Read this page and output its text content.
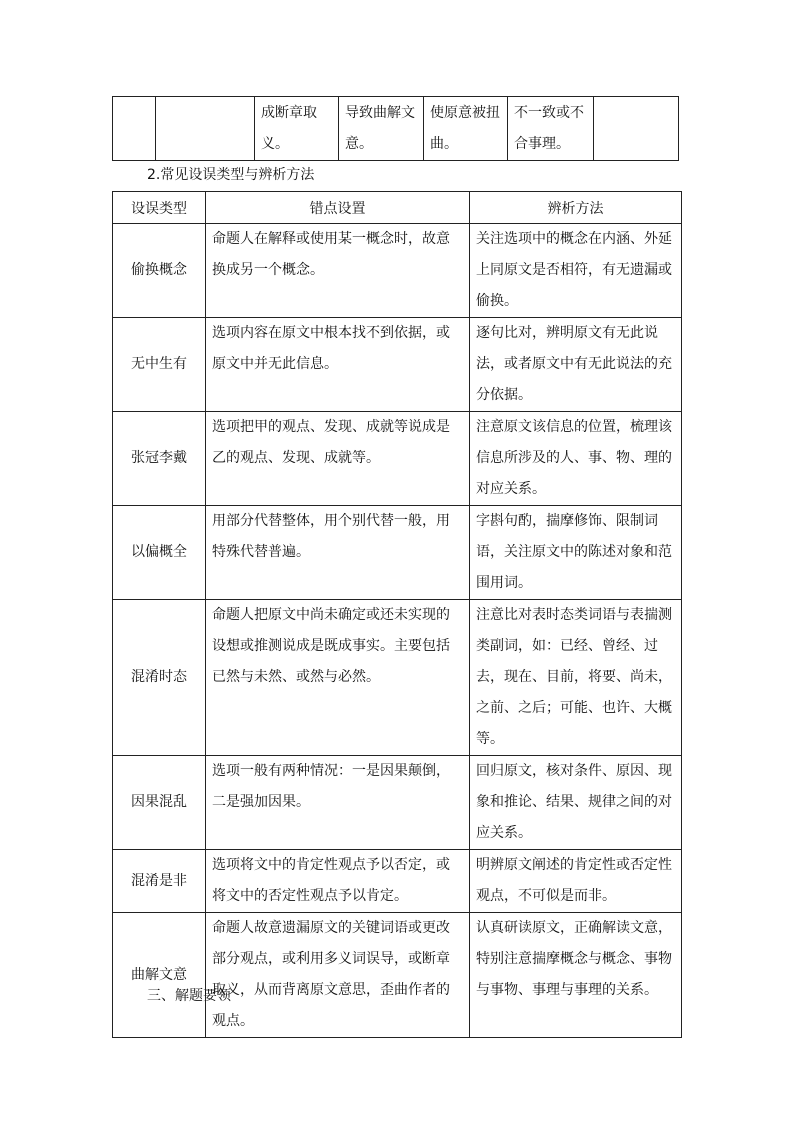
		成断章取义。	导致曲解文意。	使原意被扭曲。	不一致或不合事理。	

2.常见设误类型与辨析方法

设误类型	错点设置	辨析方法
偷换概念	命题人在解释或使用某一概念时，故意换成另一个概念。	关注选项中的概念在内涵、外延上同原文是否相符，有无遗漏或偷换。
无中生有	选项内容在原文中根本找不到依据，或原文中并无此信息。	逐句比对，辨明原文有无此说法，或者原文中有无此说法的充分依据。
张冠李戴	选项把甲的观点、发现、成就等说成是乙的观点、发现、成就等。	注意原文该信息的位置，梳理该信息所涉及的人、事、物、理的对应关系。
以偏概全	用部分代替整体，用个别代替一般，用特殊代替普遍。	字斟句酌，揣摩修饰、限制词语，关注原文中的陈述对象和范围用词。
混淆时态	命题人把原文中尚未确定或还未实现的设想或推测说成是既成事实。主要包括已然与未然、或然与必然。	注意比对表时态类词语与表揣测类副词，如：已经、曾经、过去，现在、目前，将要、尚未，之前、之后；可能、也许、大概等。
因果混乱	选项一般有两种情况：一是因果颠倒，二是强加因果。	回归原文，核对条件、原因、现象和推论、结果、规律之间的对应关系。
混淆是非	选项将文中的肯定性观点予以否定，或将文中的否定性观点予以肯定。	明辨原文阐述的肯定性或否定性观点，不可似是而非。
曲解文意	命题人故意遗漏原文的关键词语或更改部分观点，或利用多义词误导，或断章取义，从而背离原文意思，歪曲作者的观点。	认真研读原文，正确解读文意，特别注意揣摩概念与概念、事物与事物、事理与事理的关系。

三、解题要领
